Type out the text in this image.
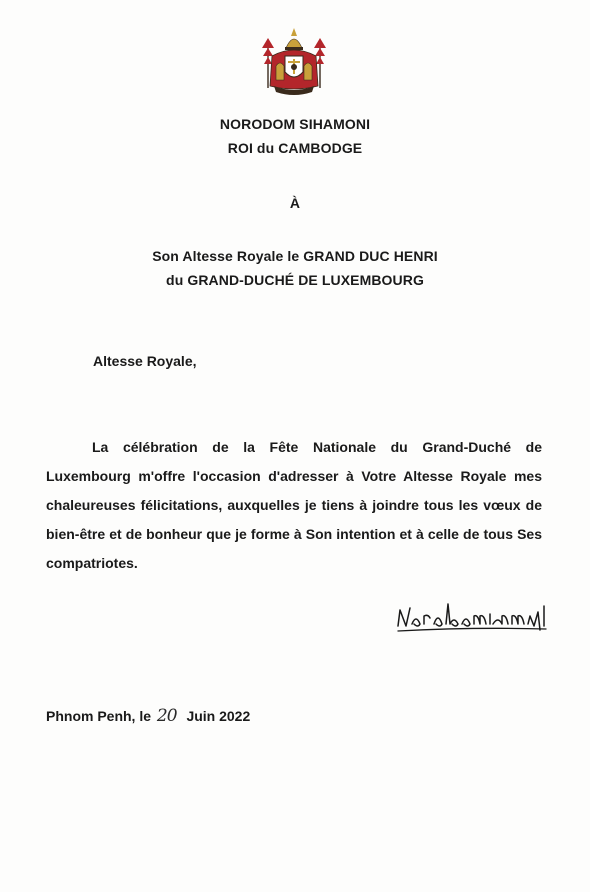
NORODOM SIHAMONI
ROI du CAMBODGE
À
Son Altesse Royale le GRAND DUC HENRI
du GRAND-DUCHÉ DE LUXEMBOURG
Altesse Royale,

La célébration de la Fête Nationale du Grand-Duché de Luxembourg m'offre l'occasion d'adresser à Votre Altesse Royale mes chaleureuses félicitations, auxquelles je tiens à joindre tous les vœux de bien-être et de bonheur que je forme à Son intention et à celle de tous Ses compatriotes.

Phnom Penh, le 20 Juin 2022
